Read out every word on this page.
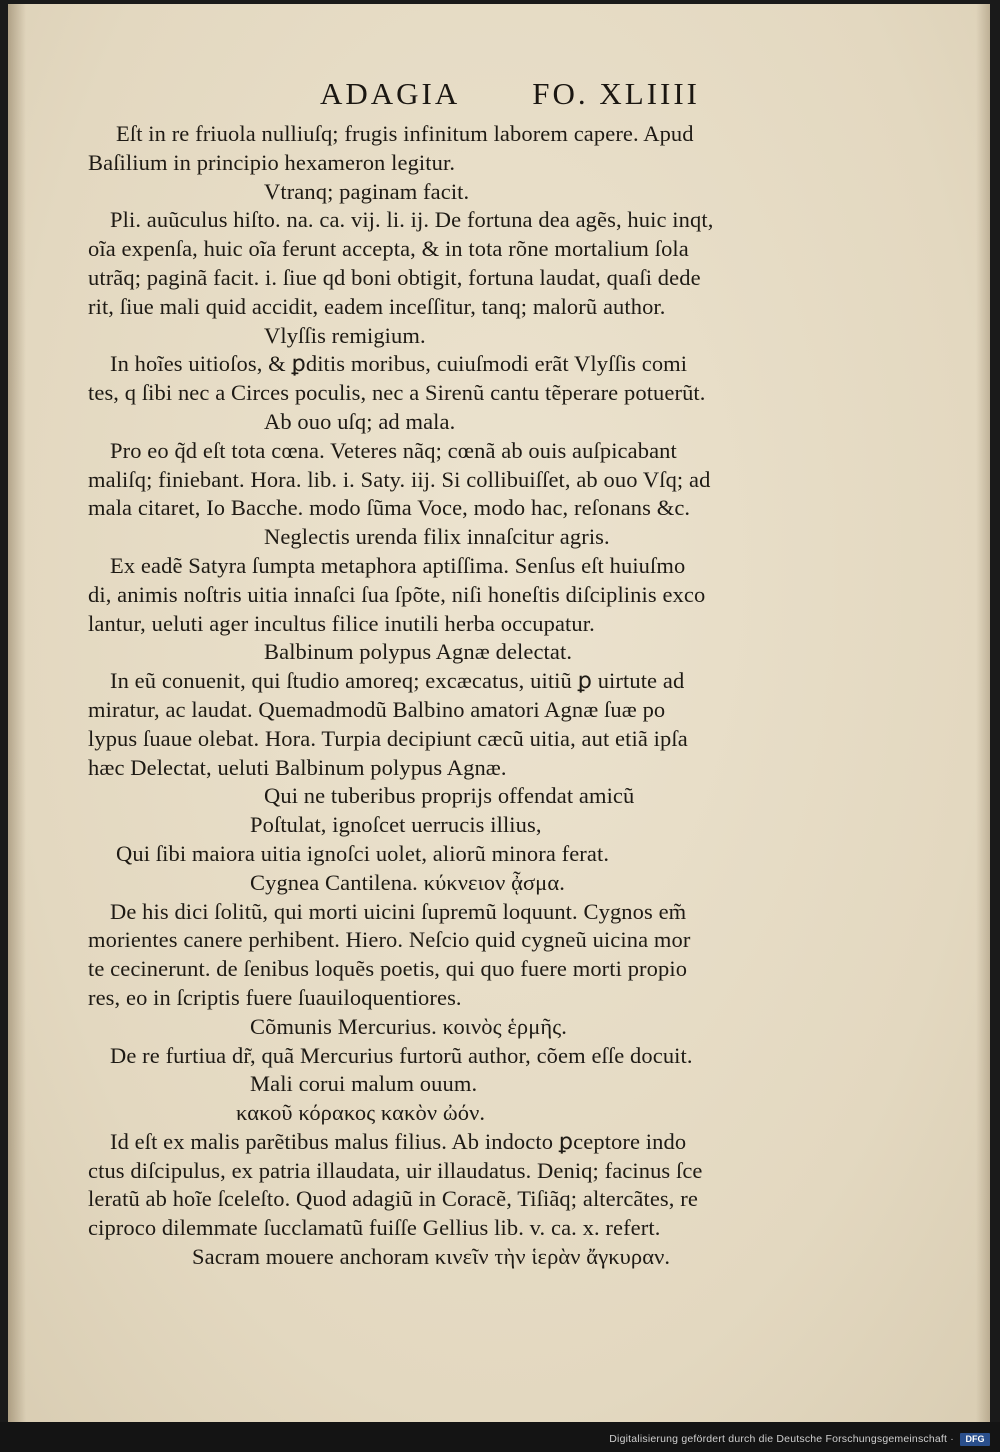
ADAGIA FO. XLIIII
Eſt in re friuola nulliuſq; frugis infinitum laborem capere. Apud
Baſilium in principio hexameron legitur.
Vtranq; paginam facit.
Pli. auũculus hiſto. na. ca. vij. li. ij. De fortuna dea agẽs, huic inqt,
oĩa expenſa, huic oĩa ferunt accepta, & in tota rõne mortalium ſola
utrãq; paginã facit. i. ſiue qd boni obtigit, fortuna laudat, quaſi dede
rit, ſiue mali quid accidit, eadem inceſſitur, tanq; malorũ author.
Vlyſſis remigium.
In hoĩes uitioſos, & ꝑditis moribus, cuiuſmodi erãt Vlyſſis comi
tes, q ſibi nec a Circes poculis, nec a Sirenũ cantu tẽperare potuerũt.
Ab ouo uſq; ad mala.
Pro eo q̃d eſt tota cœna. Veteres nãq; cœnã ab ouis auſpicabant
maliſq; finiebant. Hora. lib. i. Saty. iij. Si collibuiſſet, ab ouo Vſq; ad
mala citaret, Io Bacche. modo ſũma Voce, modo hac, reſonans &c.
Neglectis urenda filix innaſcitur agris.
Ex eadẽ Satyra ſumpta metaphora aptiſſima. Senſus eſt huiuſmo
di, animis noſtris uitia innaſci ſua ſpõte, niſi honeſtis diſciplinis exco
lantur, ueluti ager incultus filice inutili herba occupatur.
Balbinum polypus Agnæ delectat.
In eũ conuenit, qui ſtudio amoreq; excæcatus, uitiũ ꝑ uirtute ad
miratur, ac laudat. Quemadmodũ Balbino amatori Agnæ ſuæ po
lypus ſuaue olebat. Hora. Turpia decipiunt cæcũ uitia, aut etiã ipſa
hæc Delectat, ueluti Balbinum polypus Agnæ.
Qui ne tuberibus proprijs offendat amicũ
Poſtulat, ignoſcet uerrucis illius,
Qui ſibi maiora uitia ignoſci uolet, aliorũ minora ferat.
Cygnea Cantilena. κύκνειον ᾆσμα.
De his dici ſolitũ, qui morti uicini ſupremũ loquunt. Cygnos em̃
morientes canere perhibent. Hiero. Neſcio quid cygneũ uicina mor
te cecinerunt. de ſenibus loquẽs poetis, qui quo fuere morti propio
res, eo in ſcriptis fuere ſuauiloquentiores.
Cõmunis Mercurius. κοινὸς ἑρμῆς.
De re furtiua dr̃, quã Mercurius furtorũ author, cõem eſſe docuit.
Mali corui malum ouum.
κακοῦ κόρακος κακὸν ὠόν.
Id eſt ex malis parẽtibus malus filius. Ab indocto ꝑceptore indo
ctus diſcipulus, ex patria illaudata, uir illaudatus. Deniq; facinus ſce
leratũ ab hoĩe ſceleſto. Quod adagiũ in Coracẽ, Tiſiãq; altercãtes, re
ciproco dilemmate ſucclamatũ fuiſſe Gellius lib. v. ca. x. refert.
Sacram mouere anchoram κινεῖν τὴν ἱερὰν ἄγκυραν.
Digitalisierung gefördert durch die Deutsche Forschungsgemeinschaft ·	DFG
